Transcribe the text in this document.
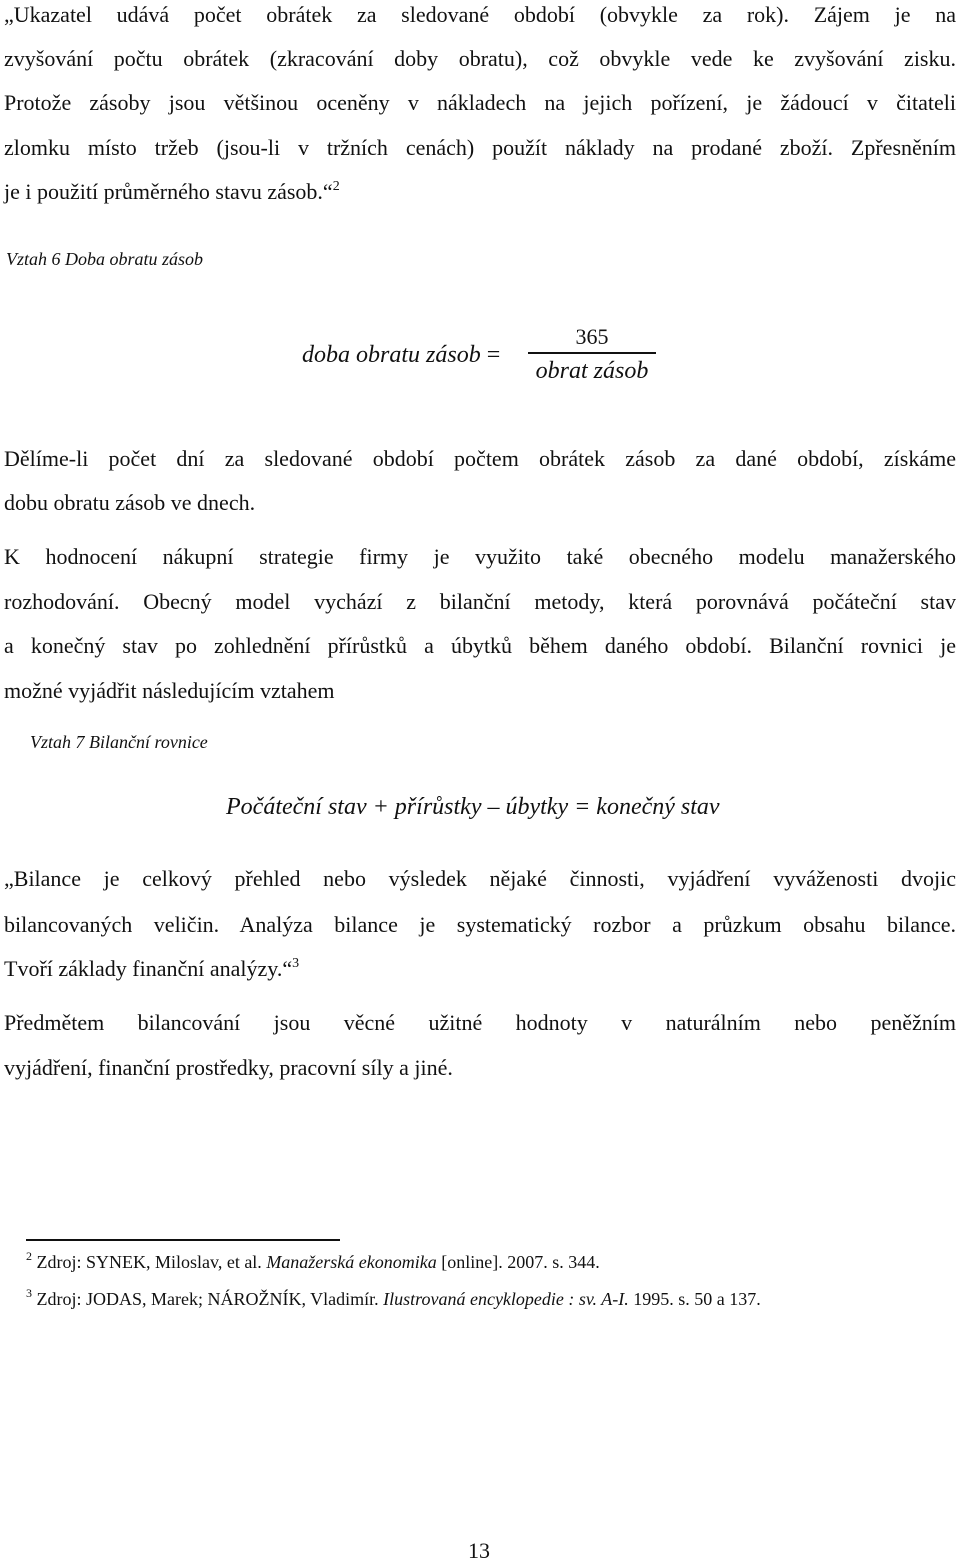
„Ukazatel udává počet obrátek za sledované období (obvykle za rok). Zájem je na
zvyšování počtu obrátek (zkracování doby obratu), což obvykle vede ke zvyšování zisku.
Protože zásoby jsou většinou oceněny v nákladech na jejich pořízení, je žádoucí v čitateli
zlomku místo tržeb (jsou-li v tržních cenách) použít náklady na prodané zboží. Zpřesněním
je i použití průměrného stavu zásob.“$^2$
Vztah 6 Doba obratu zásob
doba obratu zásob =
365
obrat zásob
Dělíme-li počet dní za sledované období počtem obrátek zásob za dané období, získáme
dobu obratu zásob ve dnech.
K hodnocení nákupní strategie firmy je využito také obecného modelu manažerského
rozhodování. Obecný model vychází z bilanční metody, která porovnává počáteční stav
a konečný stav po zohlednění přírůstků a úbytků během daného období. Bilanční rovnici je
možné vyjádřit následujícím vztahem
Vztah 7 Bilanční rovnice
Počáteční stav + přírůstky – úbytky = konečný stav
„Bilance je celkový přehled nebo výsledek nějaké činnosti, vyjádření vyváženosti dvojic
bilancovaných veličin. Analýza bilance je systematický rozbor a průzkum obsahu bilance.
Tvoří základy finanční analýzy.“$^3$
Předmětem bilancování jsou věcné užitné hodnoty v naturálním nebo peněžním
vyjádření, finanční prostředky, pracovní síly a jiné.
$^2$ Zdroj: SYNEK, Miloslav, et al. Manažerská ekonomika [online]. 2007. s. 344.
$^3$ Zdroj: JODAS, Marek; NÁROŽNÍK, Vladimír. Ilustrovaná encyklopedie : sv. A-I. 1995. s. 50 a 137.
13
